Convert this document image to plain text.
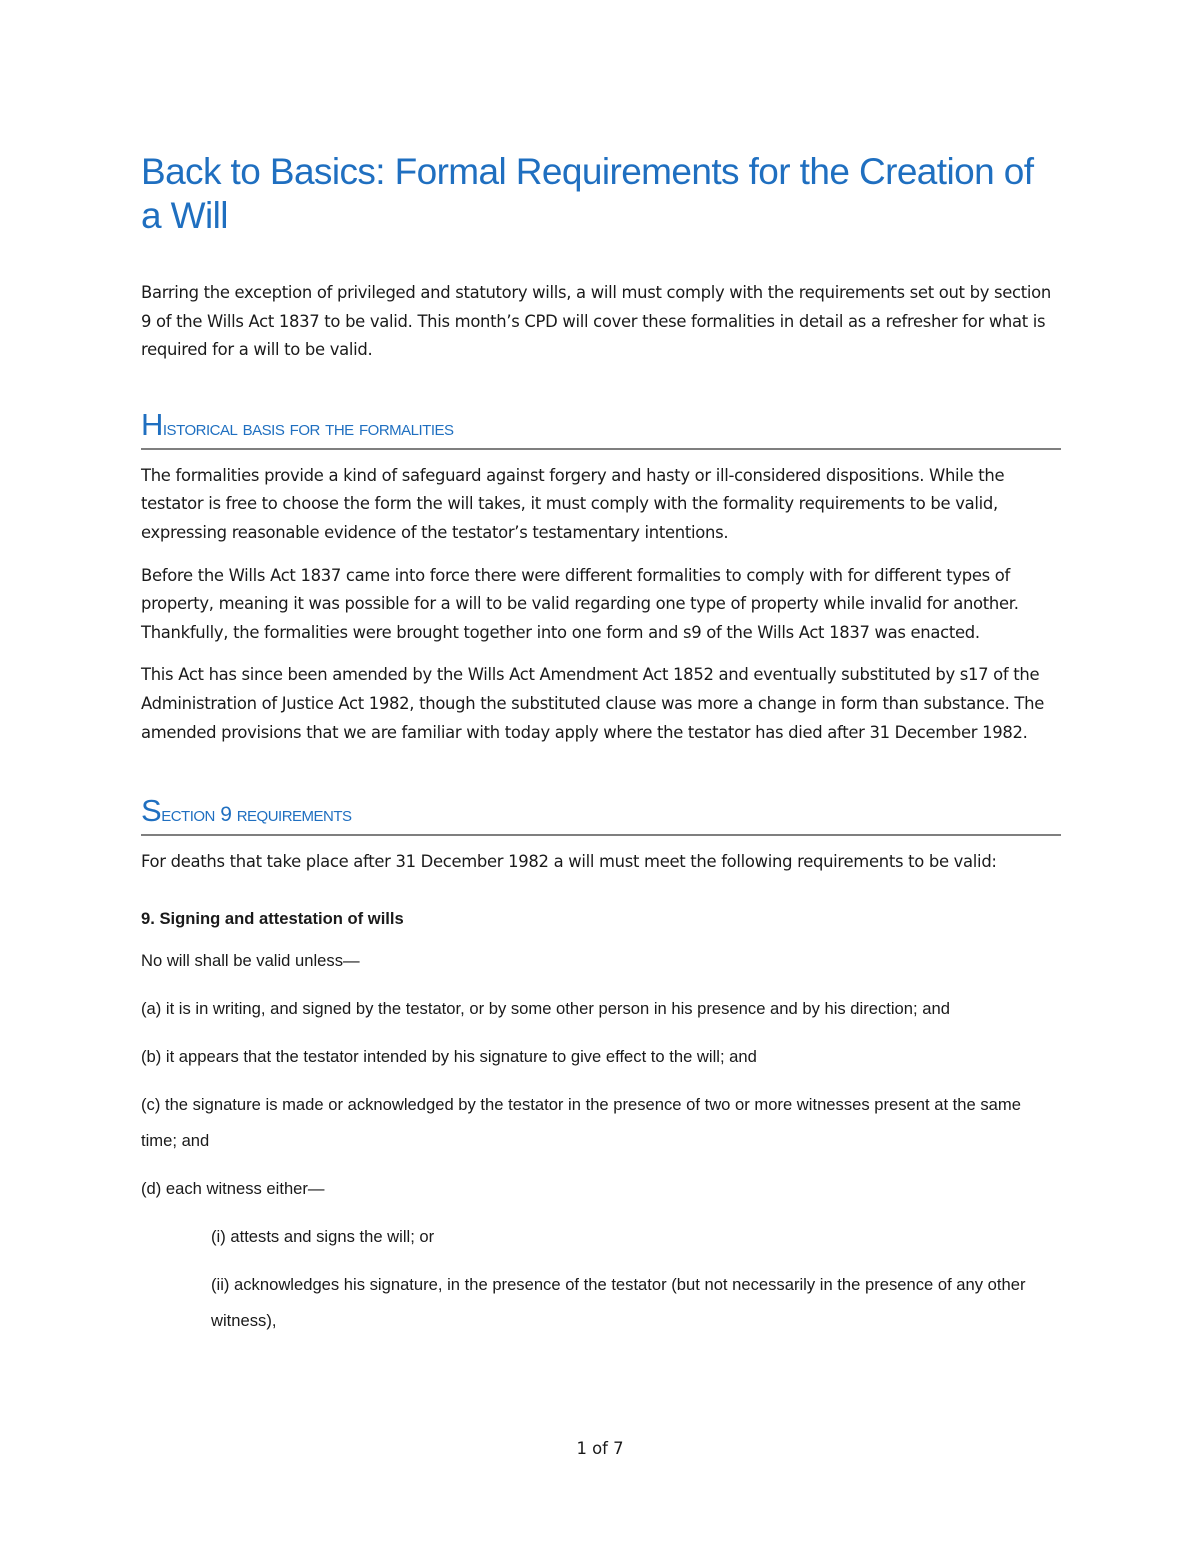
Back to Basics: Formal Requirements for the Creation of a Will

Barring the exception of privileged and statutory wills, a will must comply with the requirements set out by section 9 of the Wills Act 1837 to be valid. This month’s CPD will cover these formalities in detail as a refresher for what is required for a will to be valid.

Historical basis for the formalities

The formalities provide a kind of safeguard against forgery and hasty or ill-considered dispositions. While the testator is free to choose the form the will takes, it must comply with the formality requirements to be valid, expressing reasonable evidence of the testator’s testamentary intentions.

Before the Wills Act 1837 came into force there were different formalities to comply with for different types of property, meaning it was possible for a will to be valid regarding one type of property while invalid for another. Thankfully, the formalities were brought together into one form and s9 of the Wills Act 1837 was enacted.

This Act has since been amended by the Wills Act Amendment Act 1852 and eventually substituted by s17 of the Administration of Justice Act 1982, though the substituted clause was more a change in form than substance. The amended provisions that we are familiar with today apply where the testator has died after 31 December 1982.

Section 9 requirements

For deaths that take place after 31 December 1982 a will must meet the following requirements to be valid:

9. Signing and attestation of wills

No will shall be valid unless—

(a) it is in writing, and signed by the testator, or by some other person in his presence and by his direction; and

(b) it appears that the testator intended by his signature to give effect to the will; and

(c) the signature is made or acknowledged by the testator in the presence of two or more witnesses present at the same time; and

(d) each witness either—

(i) attests and signs the will; or

(ii) acknowledges his signature, in the presence of the testator (but not necessarily in the presence of any other witness),

1 of 7
